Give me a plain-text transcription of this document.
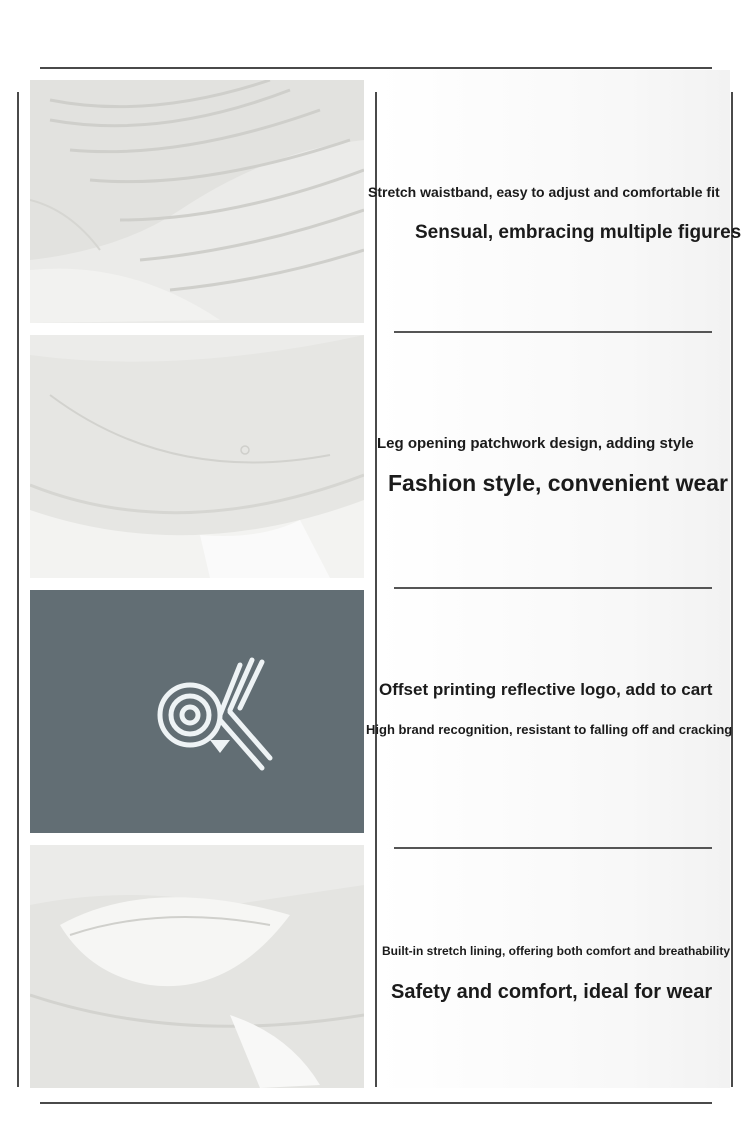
Stretch waistband, easy to adjust and comfortable fit
Sensual, embracing multiple figures
Leg opening patchwork design, adding style
Fashion style, convenient wear
Offset printing reflective logo, add to cart
High brand recognition, resistant to falling off and cracking
Built-in stretch lining, offering both comfort and breathability
Safety and comfort, ideal for wear
